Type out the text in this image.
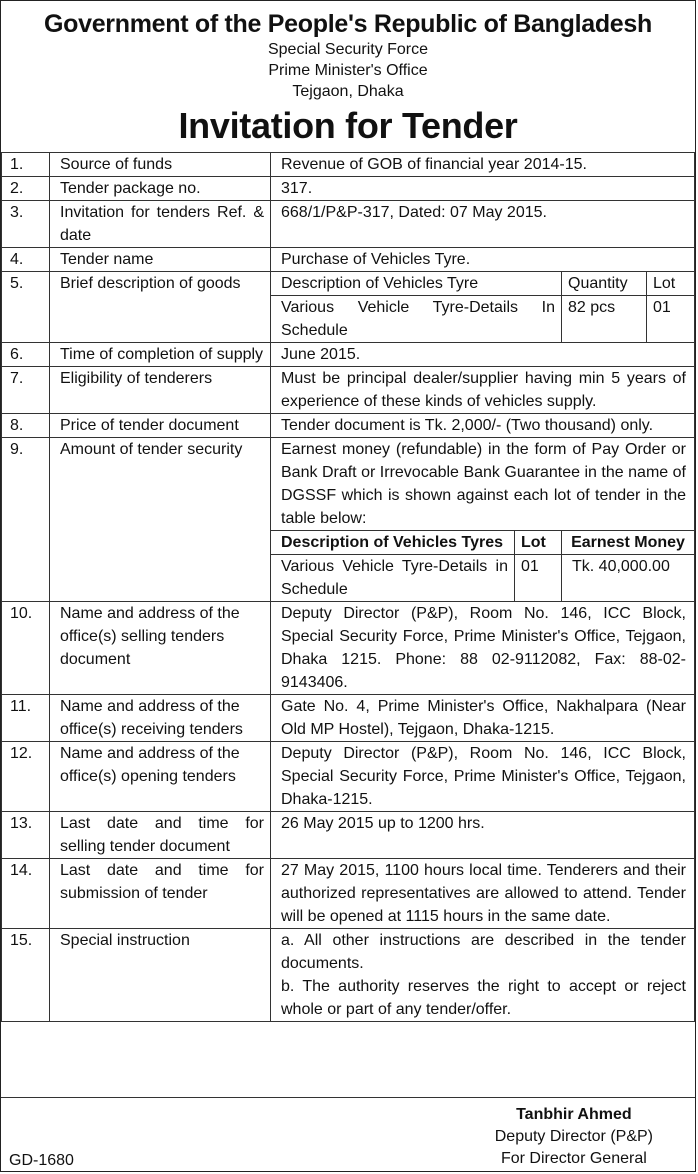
Government of the People's Republic of Bangladesh
Special Security Force
Prime Minister's Office
Tejgaon, Dhaka
Invitation for Tender
1.	Source of funds	Revenue of GOB of financial year 2014-15.
2.	Tender package no.	317.
3.	Invitation for tenders Ref. & date	668/1/P&P-317, Dated: 07 May 2015.
4.	Tender name	Purchase of Vehicles Tyre.
5.	Brief description of goods		Description of Vehicles Tyre	Quantity	Lot
Various Vehicle Tyre-Details In Schedule	82 pcs	01

6.	Time of completion of supply	June 2015.
7.	Eligibility of tenderers	Must be principal dealer/supplier having min 5 years of experience of these kinds of vehicles supply.
8.	Price of tender document	Tender document is Tk. 2,000/- (Two thousand) only.
9.	Amount of tender security	Earnest money (refundable) in the form of Pay Order or Bank Draft or Irrevocable Bank Guarantee in the name of DGSSF which is shown against each lot of tender in the table below:
Description of Vehicles Tyres	Lot	Earnest Money
Various Vehicle Tyre-Details in Schedule	01	Tk. 40,000.00

10.	Name and address of the office(s) selling tenders document	Deputy Director (P&P), Room No. 146, ICC Block, Special Security Force, Prime Minister's Office, Tejgaon, Dhaka 1215. Phone: 88 02-9112082, Fax: 88-02-9143406.
11.	Name and address of the office(s) receiving tenders	Gate No. 4, Prime Minister's Office, Nakhalpara (Near Old MP Hostel), Tejgaon, Dhaka-1215.
12.	Name and address of the office(s) opening tenders	Deputy Director (P&P), Room No. 146, ICC Block, Special Security Force, Prime Minister's Office, Tejgaon, Dhaka-1215.
13.	Last date and time for selling tender document	26 May 2015 up to 1200 hrs.
14.	Last date and time for submission of tender	27 May 2015, 1100 hours local time. Tenderers and their authorized representatives are allowed to attend. Tender will be opened at 1115 hours in the same date.
15.	Special instruction	a. All other instructions are described in the tender documents.
b. The authority reserves the right to accept or reject whole or part of any tender/offer.
Tanbhir Ahmed
Deputy Director (P&P)
For Director General
GD-1680
